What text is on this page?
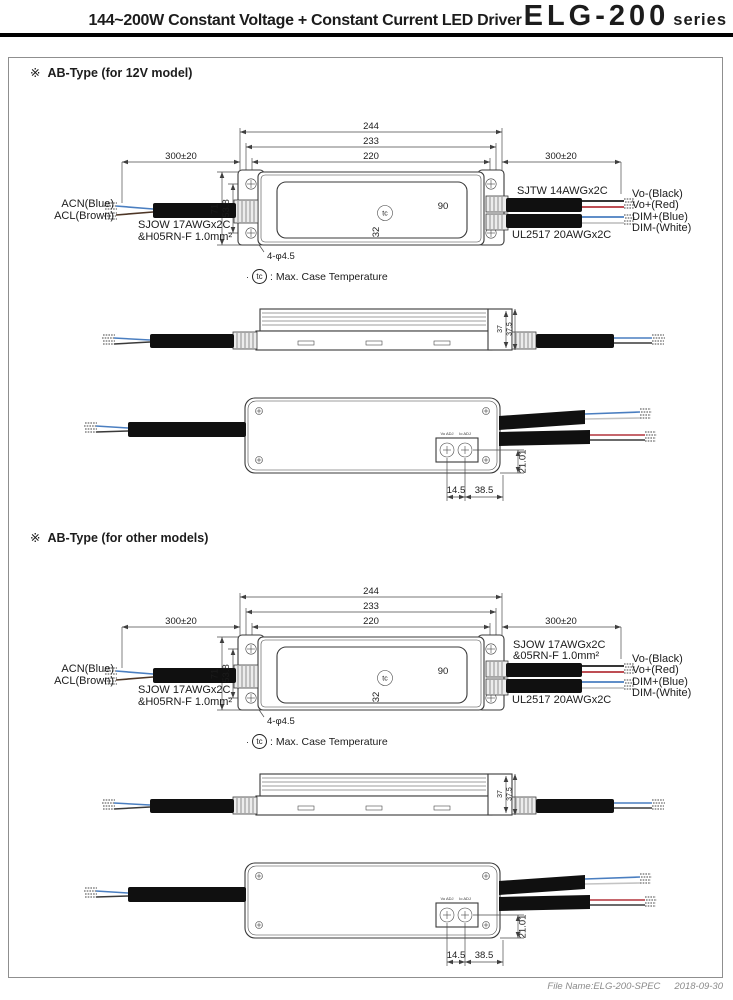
144~200W Constant Voltage + Constant Current LED Driver ELG-200 series
※ AB-Type (for 12V model)
244
233
220
300±20	300±20
71 53.8	90
32
tc
4-φ4.5
ACN(Blue)
ACL(Brown)
SJOW 17AWGx2C
&H05RN-F 1.0mm²
SJTW 14AWGx2C
UL2517 20AWGx2C
Vo-(Black)
Vo+(Red)
DIM+(Blue)
DIM-(White)
· tc : Max. Case Temperature
37 37.5
Vo ADJ Io ADJ
21.01
14.5 38.5
※ AB-Type (for other models)
244
233
220
300±20	300±20
71 53.8	90
32
tc
4-φ4.5
ACN(Blue)
ACL(Brown)
SJOW 17AWGx2C
&H05RN-F 1.0mm²
SJOW 17AWGx2C
&05RN-F 1.0mm²
UL2517 20AWGx2C
Vo-(Black)
Vo+(Red)
DIM+(Blue)
DIM-(White)
· tc : Max. Case Temperature
37 37.5
Vo ADJ Io ADJ
21.01
14.5 38.5
File Name:ELG-200-SPEC 2018-09-30
